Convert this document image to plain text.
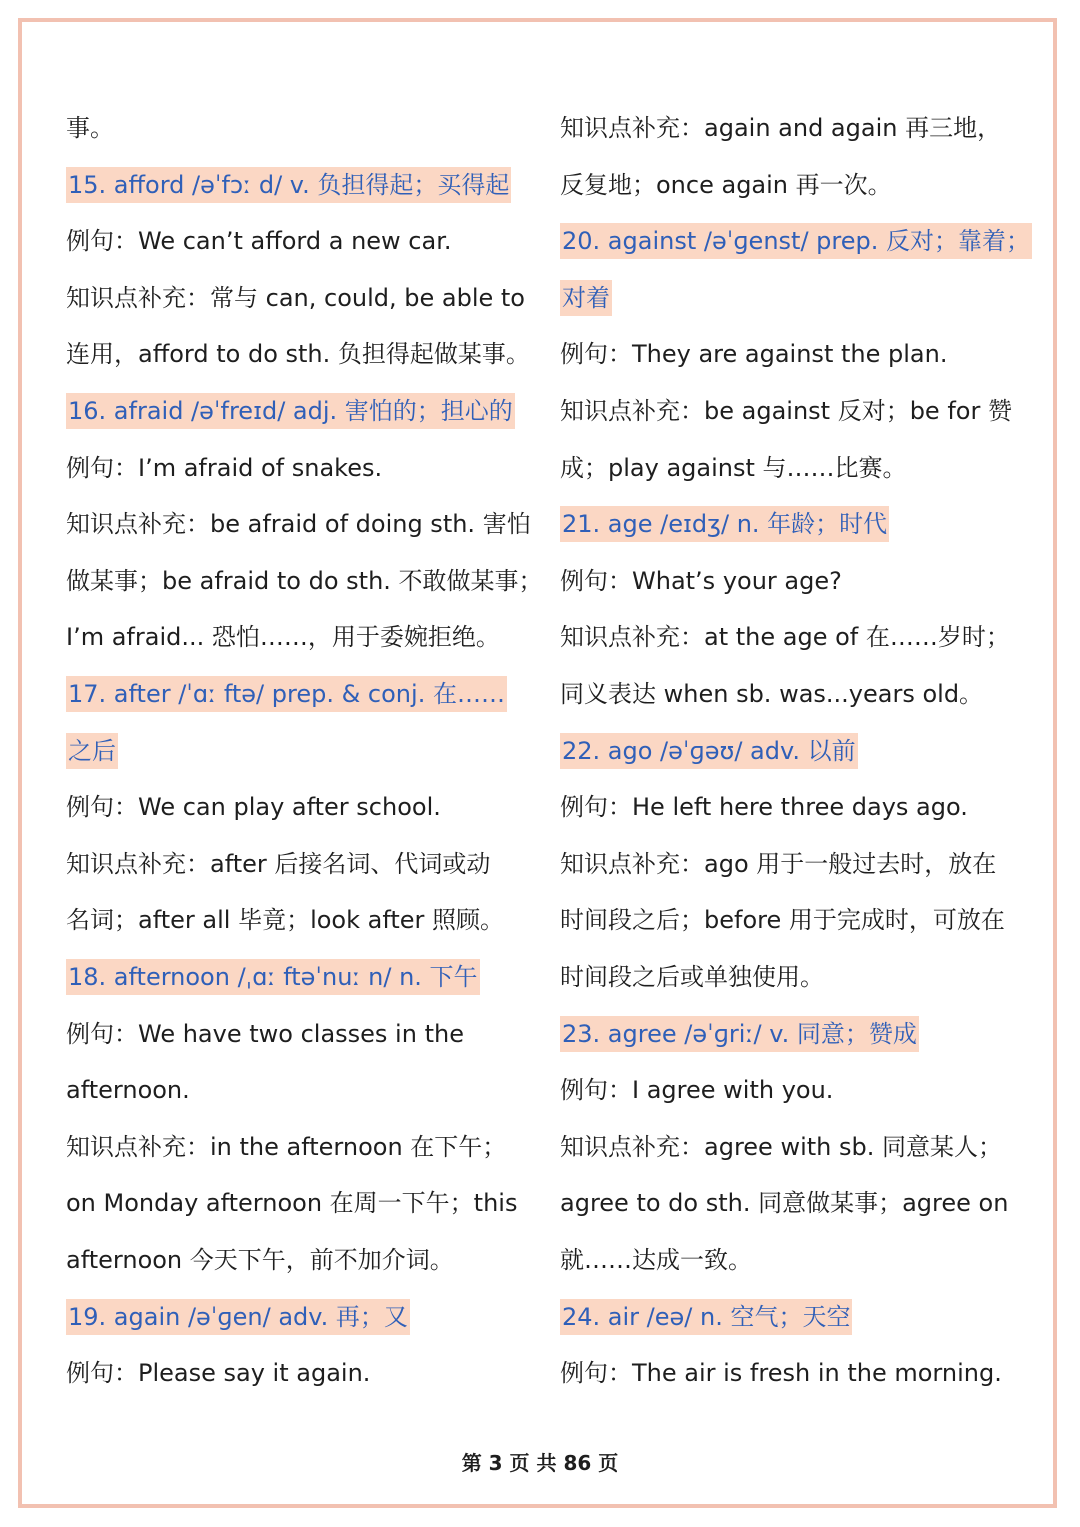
事。
15. afford /əˈfɔː d/ v. 负担得起；买得起
例句：We can’t afford a new car.
知识点补充：常与 can, could, be able to
连用，afford to do sth. 负担得起做某事。
16. afraid /əˈfreɪd/ adj. 害怕的；担心的
例句：I’m afraid of snakes.
知识点补充：be afraid of doing sth. 害怕
做某事；be afraid to do sth. 不敢做某事；
I’m afraid... 恐怕……，用于委婉拒绝。
17. after /ˈɑː ftə/ prep. & conj. 在……
之后
例句：We can play after school.
知识点补充：after 后接名词、代词或动
名词；after all 毕竟；look after 照顾。
18. afternoon /ˌɑː ftəˈnuː n/ n. 下午
例句：We have two classes in the
afternoon.
知识点补充：in the afternoon 在下午；
on Monday afternoon 在周一下午；this
afternoon 今天下午，前不加介词。
19. again /əˈɡen/ adv. 再；又
例句：Please say it again.
知识点补充：again and again 再三地，
反复地；once again 再一次。
20. against /əˈɡenst/ prep. 反对；靠着；
对着
例句：They are against the plan.
知识点补充：be against 反对；be for 赞
成；play against 与……比赛。
21. age /eɪdʒ/ n. 年龄；时代
例句：What’s your age?
知识点补充：at the age of 在……岁时；
同义表达 when sb. was...years old。
22. ago /əˈɡəʊ/ adv. 以前
例句：He left here three days ago.
知识点补充：ago 用于一般过去时，放在
时间段之后；before 用于完成时，可放在
时间段之后或单独使用。
23. agree /əˈɡriː/ v. 同意；赞成
例句：I agree with you.
知识点补充：agree with sb. 同意某人；
agree to do sth. 同意做某事；agree on
就……达成一致。
24. air /eə/ n. 空气；天空
例句：The air is fresh in the morning.
第 3 页 共 86 页
